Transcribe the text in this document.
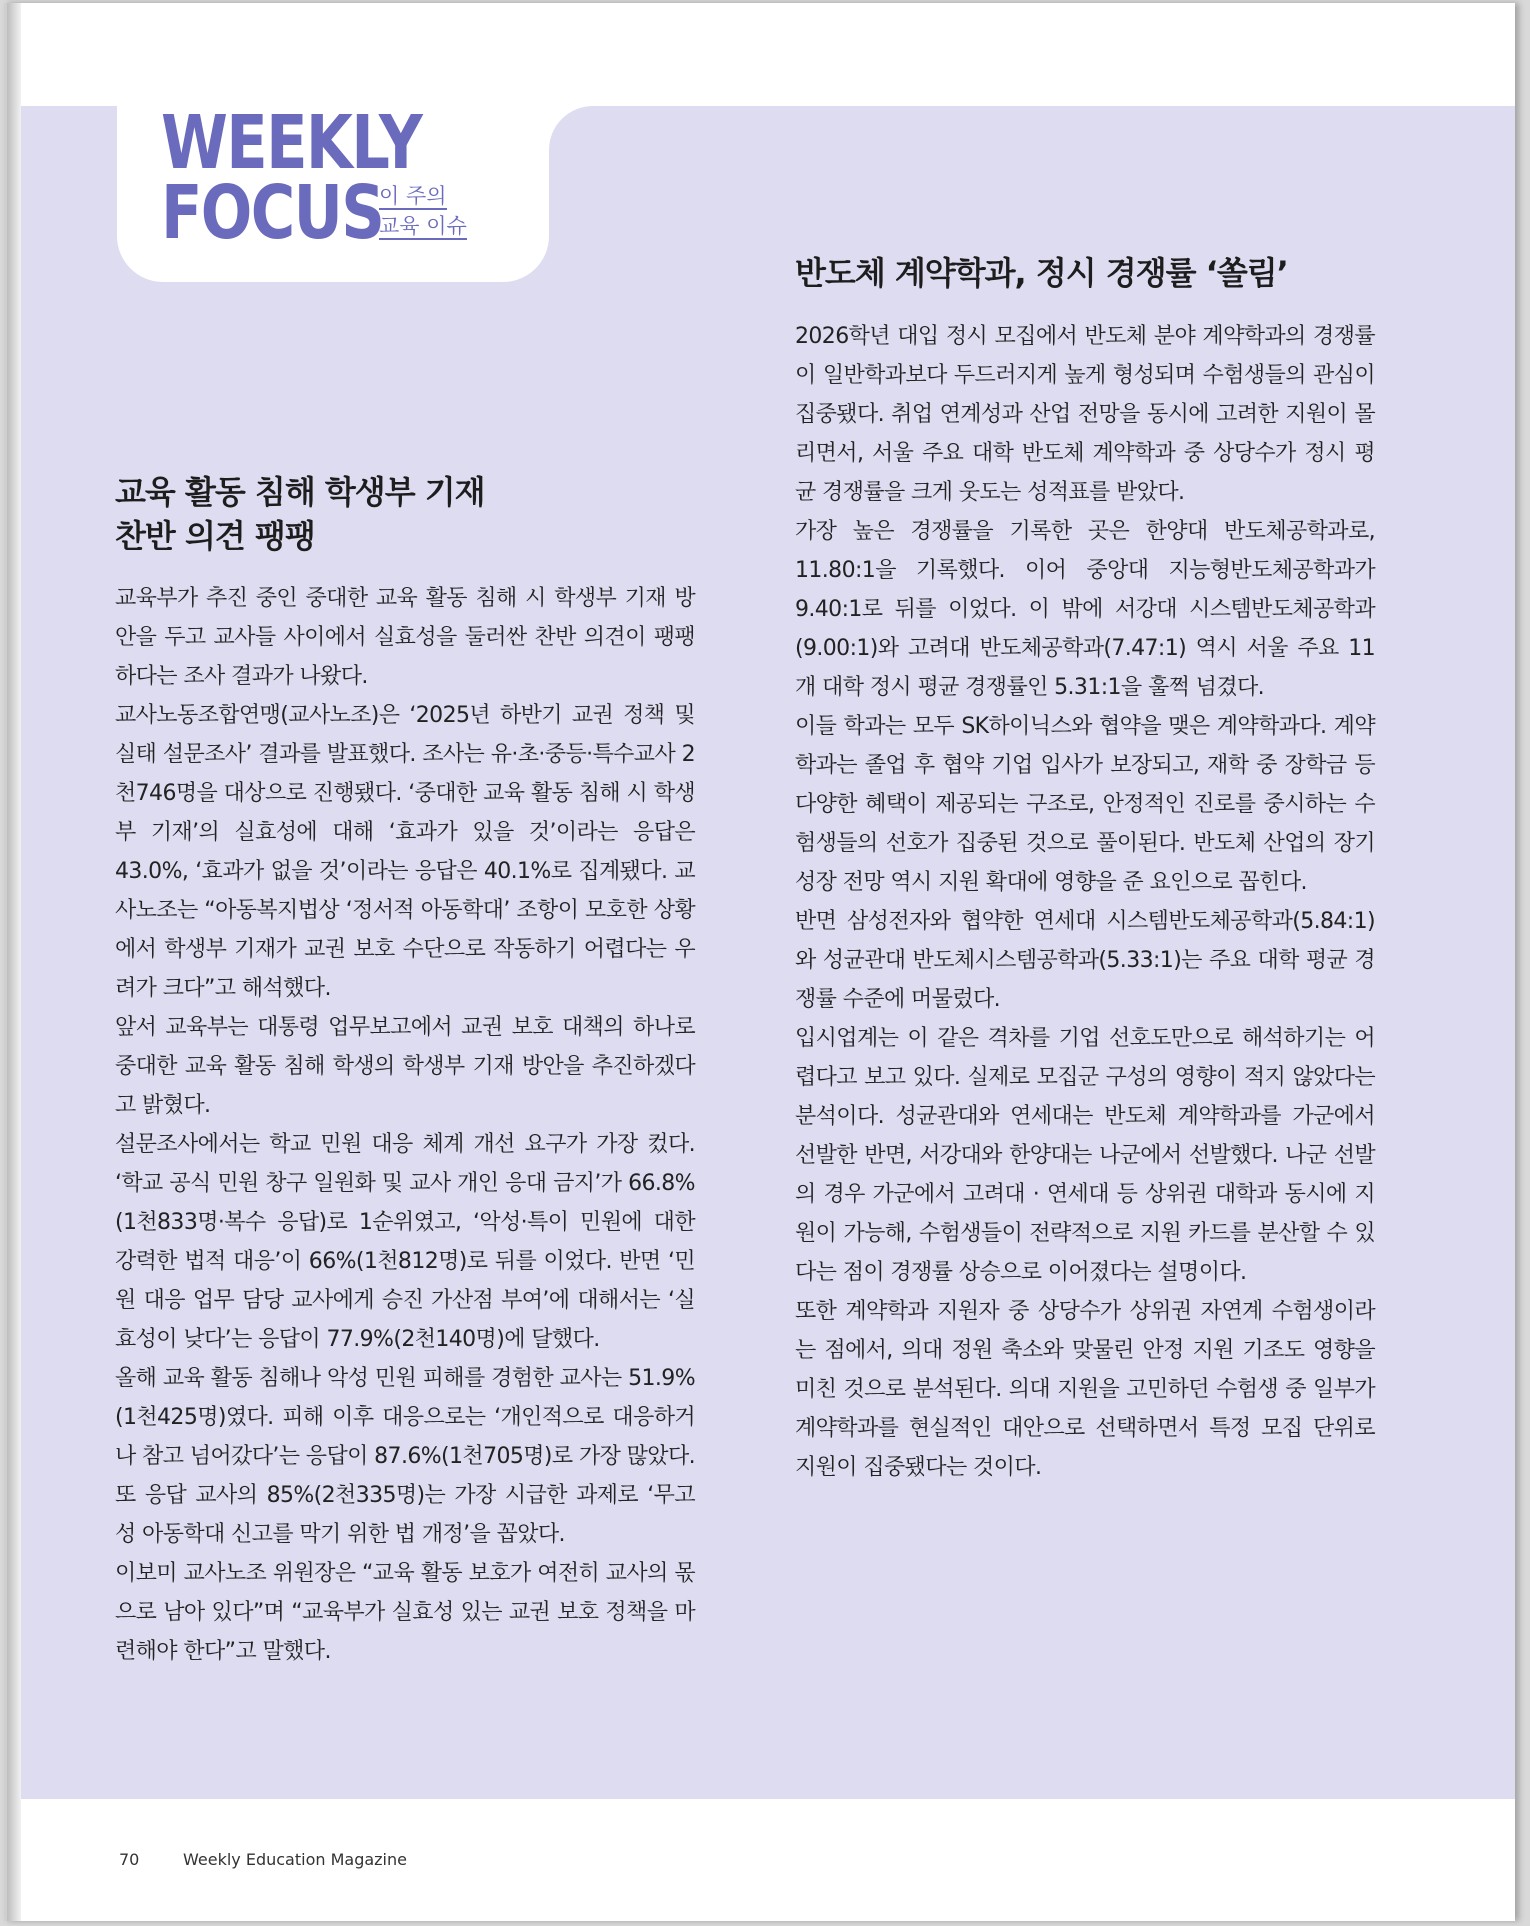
WEEKLY
FOCUS
이 주의
교육 이슈
교육 활동 침해 학생부 기재
찬반 의견 팽팽

교육부가 추진 중인 중대한 교육 활동 침해 시 학생부 기재 방안을 두고 교사들 사이에서 실효성을 둘러싼 찬반 의견이 팽팽하다는 조사 결과가 나왔다.

교사노동조합연맹(교사노조)은 ‘2025년 하반기 교권 정책 및 실태 설문조사’ 결과를 발표했다. 조사는 유·초·중등·특수교사 2천746명을 대상으로 진행됐다. ‘중대한 교육 활동 침해 시 학생부 기재’의 실효성에 대해 ‘효과가 있을 것’이라는 응답은 43.0%, ‘효과가 없을 것’이라는 응답은 40.1%로 집계됐다. 교사노조는 “아동복지법상 ‘정서적 아동학대’ 조항이 모호한 상황에서 학생부 기재가 교권 보호 수단으로 작동하기 어렵다는 우려가 크다”고 해석했다.

앞서 교육부는 대통령 업무보고에서 교권 보호 대책의 하나로 중대한 교육 활동 침해 학생의 학생부 기재 방안을 추진하겠다고 밝혔다.

설문조사에서는 학교 민원 대응 체계 개선 요구가 가장 컸다. ‘학교 공식 민원 창구 일원화 및 교사 개인 응대 금지’가 66.8%(1천833명·복수 응답)로 1순위였고, ‘악성·특이 민원에 대한 강력한 법적 대응’이 66%(1천812명)로 뒤를 이었다. 반면 ‘민원 대응 업무 담당 교사에게 승진 가산점 부여’에 대해서는 ‘실효성이 낮다’는 응답이 77.9%(2천140명)에 달했다.

올해 교육 활동 침해나 악성 민원 피해를 경험한 교사는 51.9%(1천425명)였다. 피해 이후 대응으로는 ‘개인적으로 대응하거나 참고 넘어갔다’는 응답이 87.6%(1천705명)로 가장 많았다. 또 응답 교사의 85%(2천335명)는 가장 시급한 과제로 ‘무고성 아동학대 신고를 막기 위한 법 개정’을 꼽았다.

이보미 교사노조 위원장은 “교육 활동 보호가 여전히 교사의 몫으로 남아 있다”며 “교육부가 실효성 있는 교권 보호 정책을 마련해야 한다”고 말했다.

반도체 계약학과, 정시 경쟁률 ‘쏠림’

2026학년 대입 정시 모집에서 반도체 분야 계약학과의 경쟁률이 일반학과보다 두드러지게 높게 형성되며 수험생들의 관심이 집중됐다. 취업 연계성과 산업 전망을 동시에 고려한 지원이 몰리면서, 서울 주요 대학 반도체 계약학과 중 상당수가 정시 평균 경쟁률을 크게 웃도는 성적표를 받았다.

가장 높은 경쟁률을 기록한 곳은 한양대 반도체공학과로, 11.80:1을 기록했다. 이어 중앙대 지능형반도체공학과가 9.40:1로 뒤를 이었다. 이 밖에 서강대 시스템반도체공학과(9.00:1)와 고려대 반도체공학과(7.47:1) 역시 서울 주요 11개 대학 정시 평균 경쟁률인 5.31:1을 훌쩍 넘겼다.

이들 학과는 모두 SK하이닉스와 협약을 맺은 계약학과다. 계약학과는 졸업 후 협약 기업 입사가 보장되고, 재학 중 장학금 등 다양한 혜택이 제공되는 구조로, 안정적인 진로를 중시하는 수험생들의 선호가 집중된 것으로 풀이된다. 반도체 산업의 장기 성장 전망 역시 지원 확대에 영향을 준 요인으로 꼽힌다.

반면 삼성전자와 협약한 연세대 시스템반도체공학과(5.84:1)와 성균관대 반도체시스템공학과(5.33:1)는 주요 대학 평균 경쟁률 수준에 머물렀다.

입시업계는 이 같은 격차를 기업 선호도만으로 해석하기는 어렵다고 보고 있다. 실제로 모집군 구성의 영향이 적지 않았다는 분석이다. 성균관대와 연세대는 반도체 계약학과를 가군에서 선발한 반면, 서강대와 한양대는 나군에서 선발했다. 나군 선발의 경우 가군에서 고려대 · 연세대 등 상위권 대학과 동시에 지원이 가능해, 수험생들이 전략적으로 지원 카드를 분산할 수 있다는 점이 경쟁률 상승으로 이어졌다는 설명이다.

또한 계약학과 지원자 중 상당수가 상위권 자연계 수험생이라는 점에서, 의대 정원 축소와 맞물린 안정 지원 기조도 영향을 미친 것으로 분석된다. 의대 지원을 고민하던 수험생 중 일부가 계약학과를 현실적인 대안으로 선택하면서 특정 모집 단위로 지원이 집중됐다는 것이다.

70	Weekly Education Magazine
